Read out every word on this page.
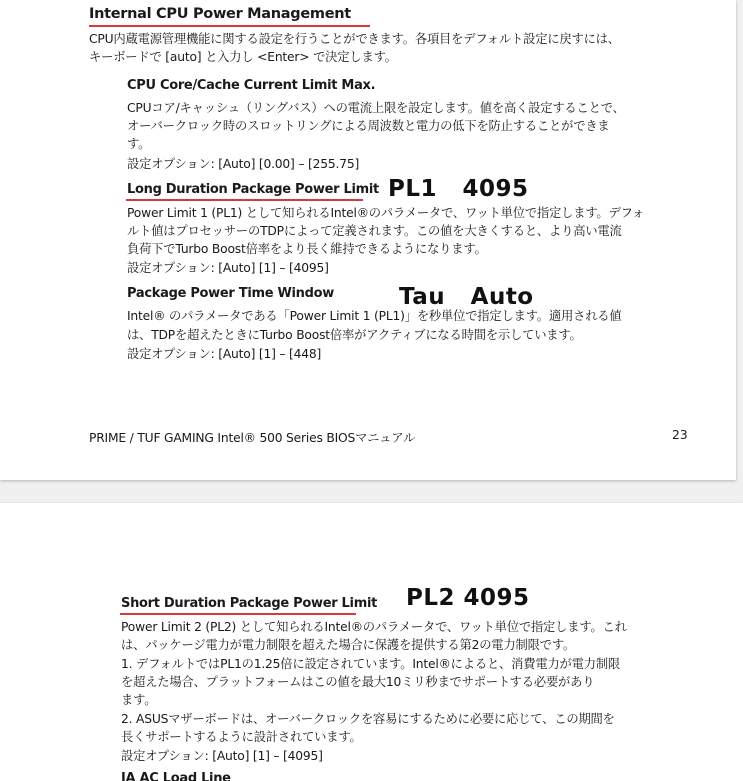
Internal CPU Power Management
CPU内蔵電源管理機能に関する設定を行うことができます。各項目をデフォルト設定に戻すには、
キーボードで [auto] と入力し <Enter> で決定します。
CPU Core/Cache Current Limit Max.
CPUコア/キャッシュ（リングバス）への電流上限を設定します。値を高く設定することで、
オーバークロック時のスロットリングによる周波数と電力の低下を防止することができま
す。
設定オプション: [Auto] [0.00] – [255.75]
Long Duration Package Power Limit PL1   4095
Power Limit 1 (PL1) として知られるIntel®のパラメータで、ワット単位で指定します。デフォ
ルト値はプロセッサーのTDPによって定義されます。この値を大きくすると、より高い電流
負荷下でTurbo Boost倍率をより長く維持できるようになります。
設定オプション: [Auto] [1] – [4095]
Package Power Time Window	Tau   Auto
Intel® のパラメータである「Power Limit 1 (PL1)」を秒単位で指定します。適用される値
は、TDPを超えたときにTurbo Boost倍率がアクティブになる時間を示しています。
設定オプション: [Auto] [1] – [448]
PRIME / TUF GAMING Intel® 500 Series BIOSマニュアル	23
Short Duration Package Power Limit PL2 4095
Power Limit 2 (PL2) として知られるIntel®のパラメータで、ワット単位で指定します。これ
は、パッケージ電力が電力制限を超えた場合に保護を提供する第2の電力制限です。
1. デフォルトではPL1の1.25倍に設定されています。Intel®によると、消費電力が電力制限
を超えた場合、プラットフォームはこの値を最大10ミリ秒までサポートする必要があり
ます。
2. ASUSマザーボードは、オーバークロックを容易にするために必要に応じて、この期間を
長くサポートするように設計されています。
設定オプション: [Auto] [1] – [4095]
IA AC Load Line
